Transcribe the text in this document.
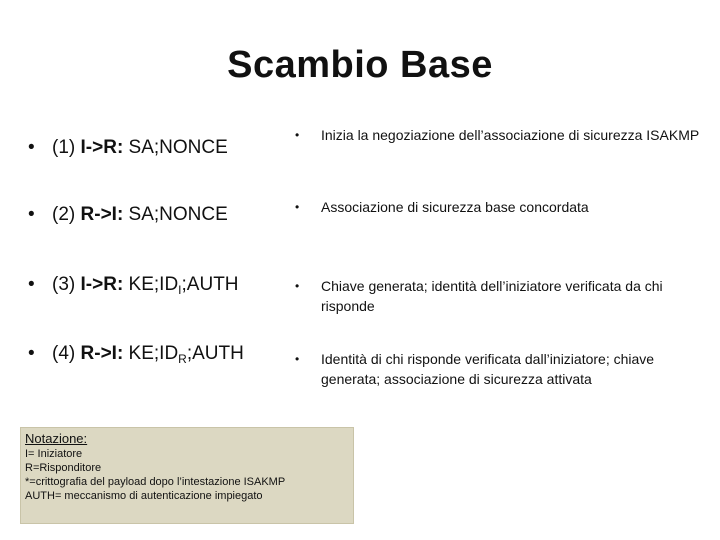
Scambio Base
• (1) I->R: SA;NONCE
• (2) R->I: SA;NONCE
• (3) I->R: $KE;ID_I;AUTH$
• (4) R->I: $KE;ID_R;AUTH$
• Inizia la negoziazione dell’associazione di sicurezza ISAKMP
• Associazione di sicurezza base concordata
• Chiave generata; identità dell’iniziatore verificata da chi risponde
• Identità di chi risponde verificata dall’iniziatore; chiave generata; associazione di sicurezza attivata
Notazione:
I= Iniziatore
R=Risponditore
*=crittografia del payload dopo l’intestazione ISAKMP
AUTH= meccanismo di autenticazione impiegato
